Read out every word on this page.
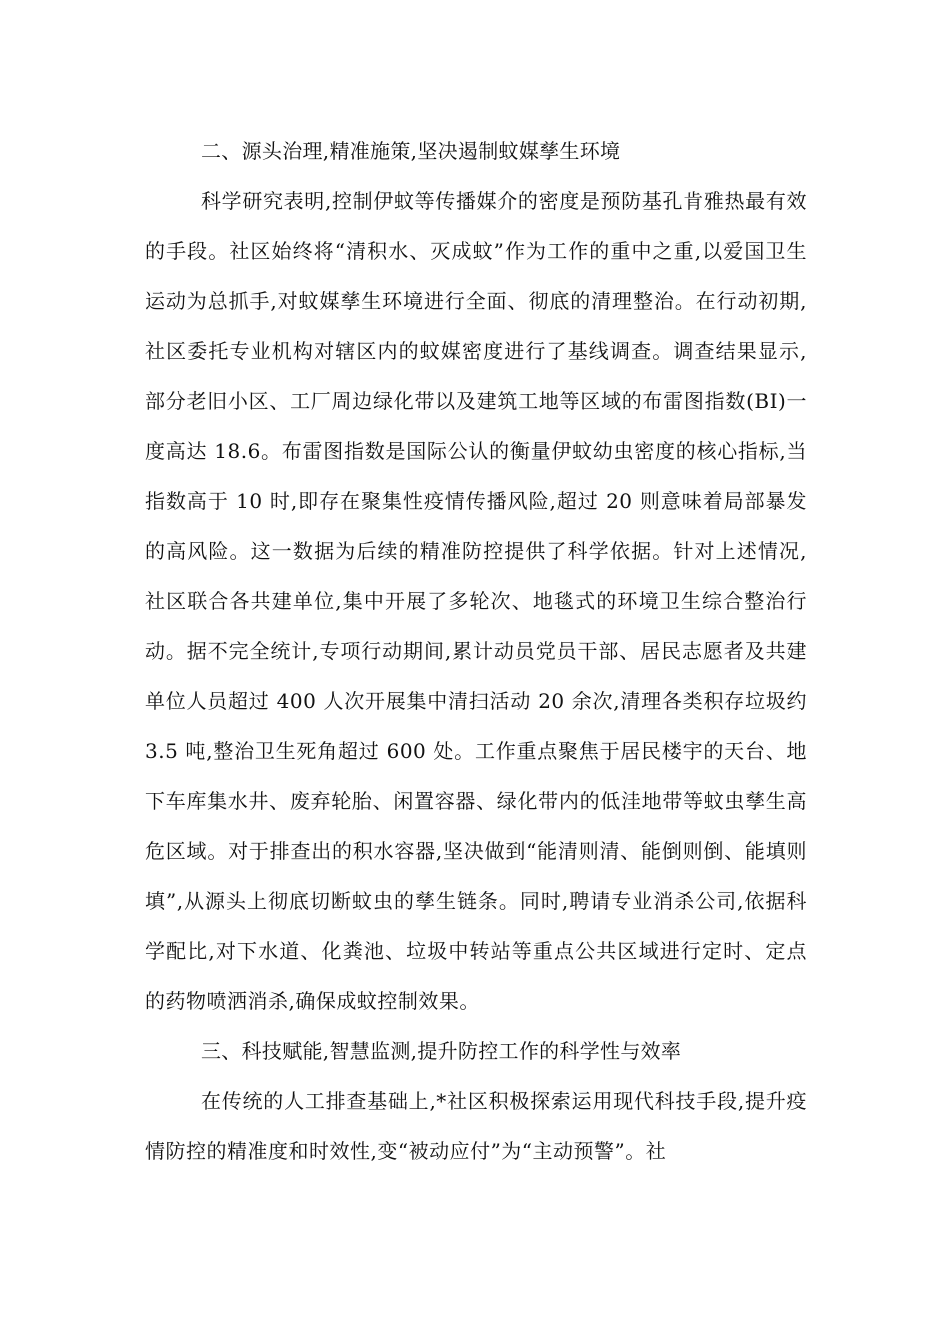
二、源头治理,精准施策,坚决遏制蚊媒孳生环境

科学研究表明,控制伊蚊等传播媒介的密度是预防基孔肯雅热最有效的手段。社区始终将“清积水、灭成蚊”作为工作的重中之重,以爱国卫生运动为总抓手,对蚊媒孳生环境进行全面、彻底的清理整治。在行动初期,社区委托专业机构对辖区内的蚊媒密度进行了基线调查。调查结果显示,部分老旧小区、工厂周边绿化带以及建筑工地等区域的布雷图指数(BI)一度高达 18.6。布雷图指数是国际公认的衡量伊蚊幼虫密度的核心指标,当指数高于 10 时,即存在聚集性疫情传播风险,超过 20 则意味着局部暴发的高风险。这一数据为后续的精准防控提供了科学依据。针对上述情况,社区联合各共建单位,集中开展了多轮次、地毯式的环境卫生综合整治行动。据不完全统计,专项行动期间,累计动员党员干部、居民志愿者及共建单位人员超过 400 人次开展集中清扫活动 20 余次,清理各类积存垃圾约 3.5 吨,整治卫生死角超过 600 处。工作重点聚焦于居民楼宇的天台、地下车库集水井、废弃轮胎、闲置容器、绿化带内的低洼地带等蚊虫孳生高危区域。对于排查出的积水容器,坚决做到“能清则清、能倒则倒、能填则填”,从源头上彻底切断蚊虫的孳生链条。同时,聘请专业消杀公司,依据科学配比,对下水道、化粪池、垃圾中转站等重点公共区域进行定时、定点的药物喷洒消杀,确保成蚊控制效果。

三、科技赋能,智慧监测,提升防控工作的科学性与效率

在传统的人工排查基础上,*社区积极探索运用现代科技手段,提升疫情防控的精准度和时效性,变“被动应付”为“主动预警”。社
